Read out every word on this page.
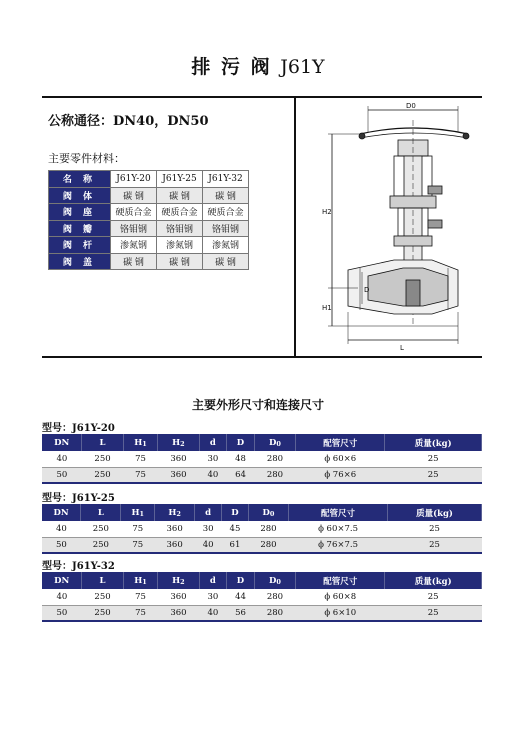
排 污 阀 J61Y
公称通径：DN40，DN50
主要零件材料：
名 称	J61Y-20	J61Y-25	J61Y-32
阀 体	碳 钢	碳 钢	碳 钢
阀 座	硬质合金	硬质合金	硬质合金
阀 瓣	铬钼钢	铬钼钢	铬钼钢
阀 杆	渗氮钢	渗氮钢	渗氮钢
阀 盖	碳 钢	碳 钢	碳 钢
D0
H2
H1
D
L
主要外形尺寸和连接尺寸
型号：J61Y-20
DN	L	H1	H2	d	D	D0	配管尺寸	质量(kg)
40	250	75	360	30	48	280	ϕ 60×6	25
50	250	75	360	40	64	280	ϕ 76×6	25
型号：J61Y-25
DN	L	H1	H2	d	D	D0	配管尺寸	质量(kg)
40	250	75	360	30	45	280	ϕ 60×7.5	25
50	250	75	360	40	61	280	ϕ 76×7.5	25
型号：J61Y-32
DN	L	H1	H2	d	D	D0	配管尺寸	质量(kg)
40	250	75	360	30	44	280	ϕ 60×8	25
50	250	75	360	40	56	280	ϕ 6×10	25
